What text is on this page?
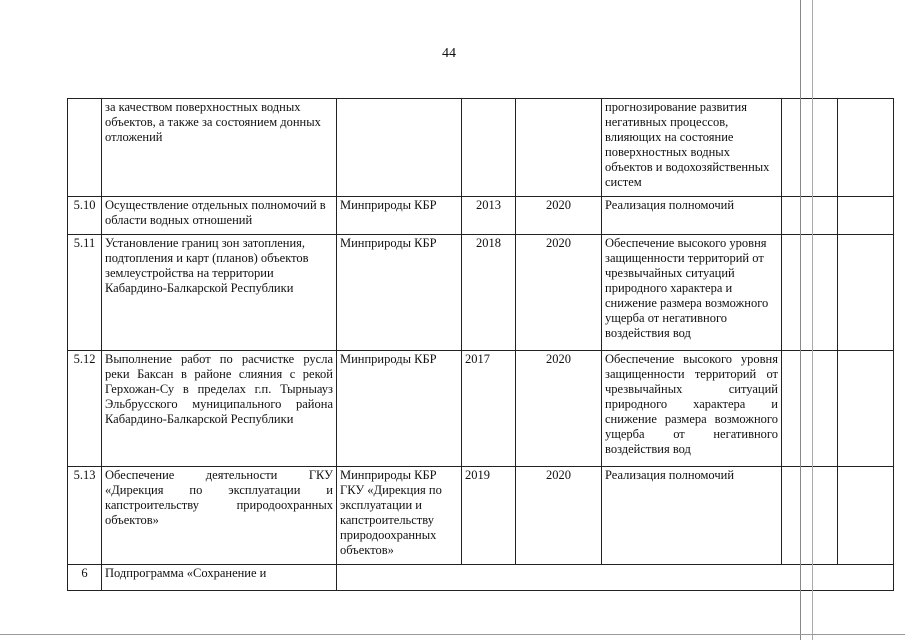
44
	за качеством поверхностных водных объектов, а также за состоянием донных отложений				прогнозирование развития негативных процессов, влияющих на состояние поверхностных водных объектов и водохозяйственных систем		
5.10	Осуществление отдельных полномочий в области водных отношений	Минприроды КБР	2013	2020	Реализация полномочий		
5.11	Установление границ зон затопления, подтопления и карт (планов) объектов землеустройства на территории Кабардино-Балкарской Республики	Минприроды КБР	2018	2020	Обеспечение высокого уровня защищенности территорий от чрезвычайных ситуаций природного характера и снижение размера возможного ущерба от негативного воздействия вод		
5.12	Выполнение работ по расчистке русла реки Баксан в районе слияния с рекой Герхожан-Су в пределах г.п. Тырныауз Эльбрусского муниципального района Кабардино-Балкарской Республики	Минприроды КБР	2017	2020	Обеспечение высокого уровня защищенности территорий от чрезвычайных ситуаций природного характера и снижение размера возможного ущерба от негативного воздействия вод		
5.13	Обеспечение деятельности ГКУ «Дирекция по эксплуатации и капстроительству природоохранных объектов»	Минприроды КБР ГКУ «Дирекция по эксплуатации и капстроительству природоохранных объектов»	2019	2020	Реализация полномочий		
6	Подпрограмма «Сохранение и						
